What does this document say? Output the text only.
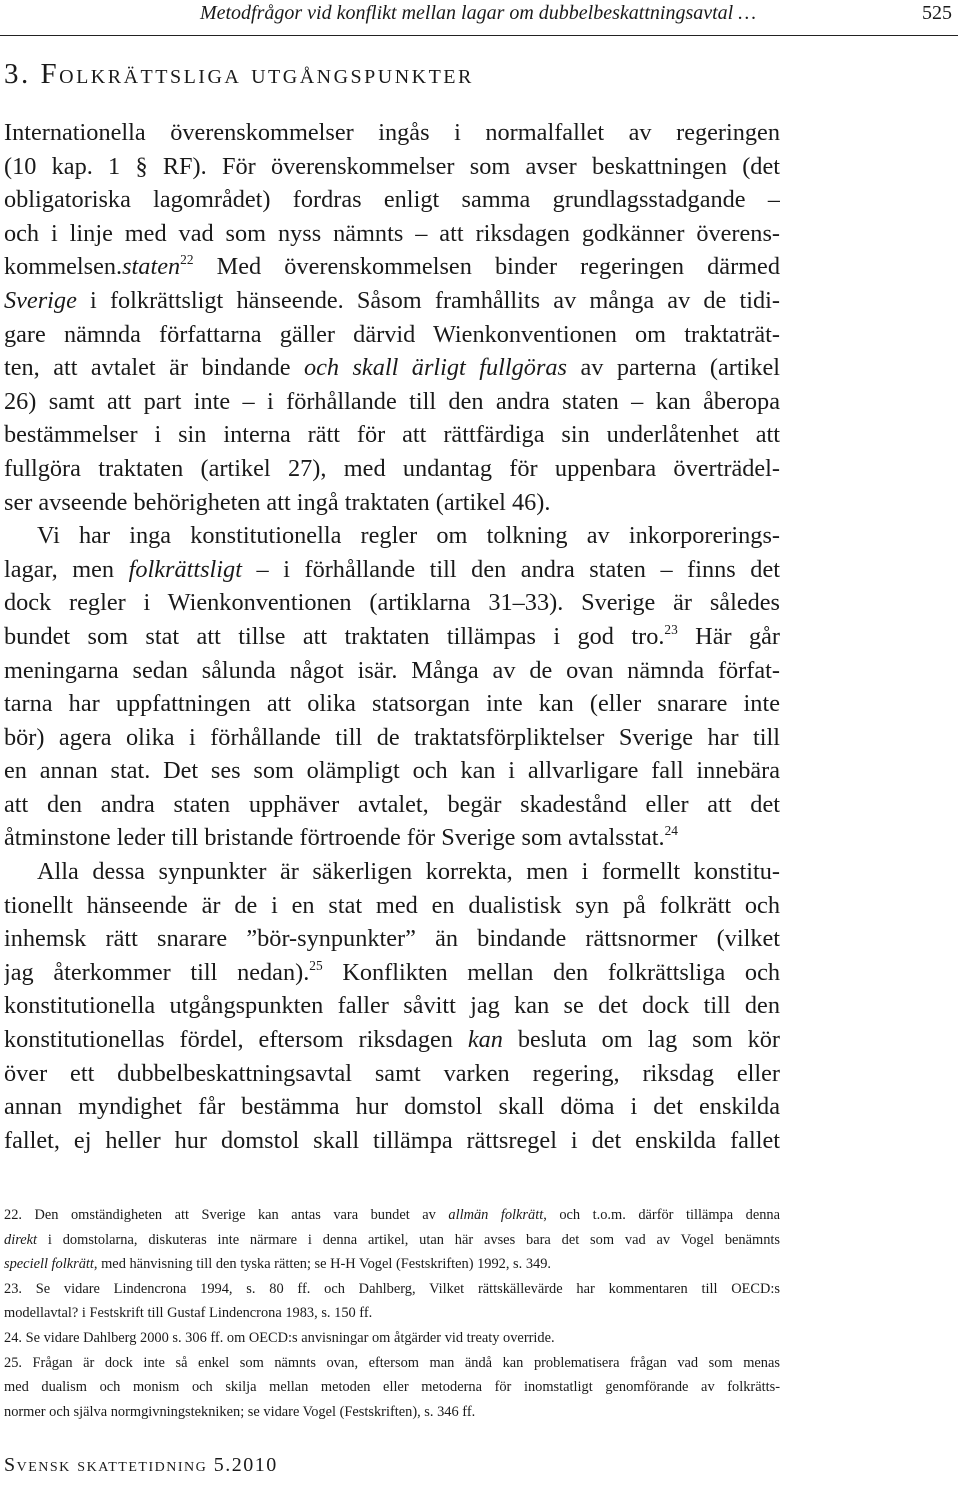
Metodfrågor vid konflikt mellan lagar om dubbelbeskattningsavtal …	525
3. Folkrättsliga utgångspunkter
Internationella överenskommelser ingås i normalfallet av regeringen
(10 kap. 1 § RF). För överenskommelser som avser beskattningen (det
obligatoriska lagområdet) fordras enligt samma grundlagsstadgande –
och i linje med vad som nyss nämnts – att riksdagen godkänner överens-
kommelsen.staten$^{22}$ Med överenskommelsen binder regeringen därmed
Sverige i folkrättsligt hänseende. Såsom framhållits av många av de tidi-
gare nämnda författarna gäller därvid Wienkonventionen om traktaträt-
ten, att avtalet är bindande och skall ärligt fullgöras av parterna (artikel
26) samt att part inte – i förhållande till den andra staten – kan åberopa
bestämmelser i sin interna rätt för att rättfärdiga sin underlåtenhet att
fullgöra traktaten (artikel 27), med undantag för uppenbara överträdel-
ser avseende behörigheten att ingå traktaten (artikel 46).
Vi har inga konstitutionella regler om tolkning av inkorporerings-
lagar, men folkrättsligt – i förhållande till den andra staten – finns det
dock regler i Wienkonventionen (artiklarna 31–33). Sverige är således
bundet som stat att tillse att traktaten tillämpas i god tro.$^{23}$ Här går
meningarna sedan sålunda något isär. Många av de ovan nämnda förfat-
tarna har uppfattningen att olika statsorgan inte kan (eller snarare inte
bör) agera olika i förhållande till de traktatsförpliktelser Sverige har till
en annan stat. Det ses som olämpligt och kan i allvarligare fall innebära
att den andra staten upphäver avtalet, begär skadestånd eller att det
åtminstone leder till bristande förtroende för Sverige som avtalsstat.$^{24}$
Alla dessa synpunkter är säkerligen korrekta, men i formellt konstitu-
tionellt hänseende är de i en stat med en dualistisk syn på folkrätt och
inhemsk rätt snarare ”bör-synpunkter” än bindande rättsnormer (vilket
jag återkommer till nedan).$^{25}$ Konflikten mellan den folkrättsliga och
konstitutionella utgångspunkten faller såvitt jag kan se det dock till den
konstitutionellas fördel, eftersom riksdagen kan besluta om lag som kör
över ett dubbelbeskattningsavtal samt varken regering, riksdag eller
annan myndighet får bestämma hur domstol skall döma i det enskilda
fallet, ej heller hur domstol skall tillämpa rättsregel i det enskilda fallet
22. Den omständigheten att Sverige kan antas vara bundet av allmän folkrätt, och t.o.m. därför tillämpa denna
direkt i domstolarna, diskuteras inte närmare i denna artikel, utan här avses bara det som vad av Vogel benämnts
speciell folkrätt, med hänvisning till den tyska rätten; se H-H Vogel (Festskriften) 1992, s. 349.
23. Se vidare Lindencrona 1994, s. 80 ff. och Dahlberg, Vilket rättskällevärde har kommentaren till OECD:s
modellavtal? i Festskrift till Gustaf Lindencrona 1983, s. 150 ff.
24. Se vidare Dahlberg 2000 s. 306 ff. om OECD:s anvisningar om åtgärder vid treaty override.
25. Frågan är dock inte så enkel som nämnts ovan, eftersom man ändå kan problematisera frågan vad som menas
med dualism och monism och skilja mellan metoden eller metoderna för inomstatligt genomförande av folkrätts-
normer och själva normgivningstekniken; se vidare Vogel (Festskriften), s. 346 ff.
Svensk skattetidning 5.2010
